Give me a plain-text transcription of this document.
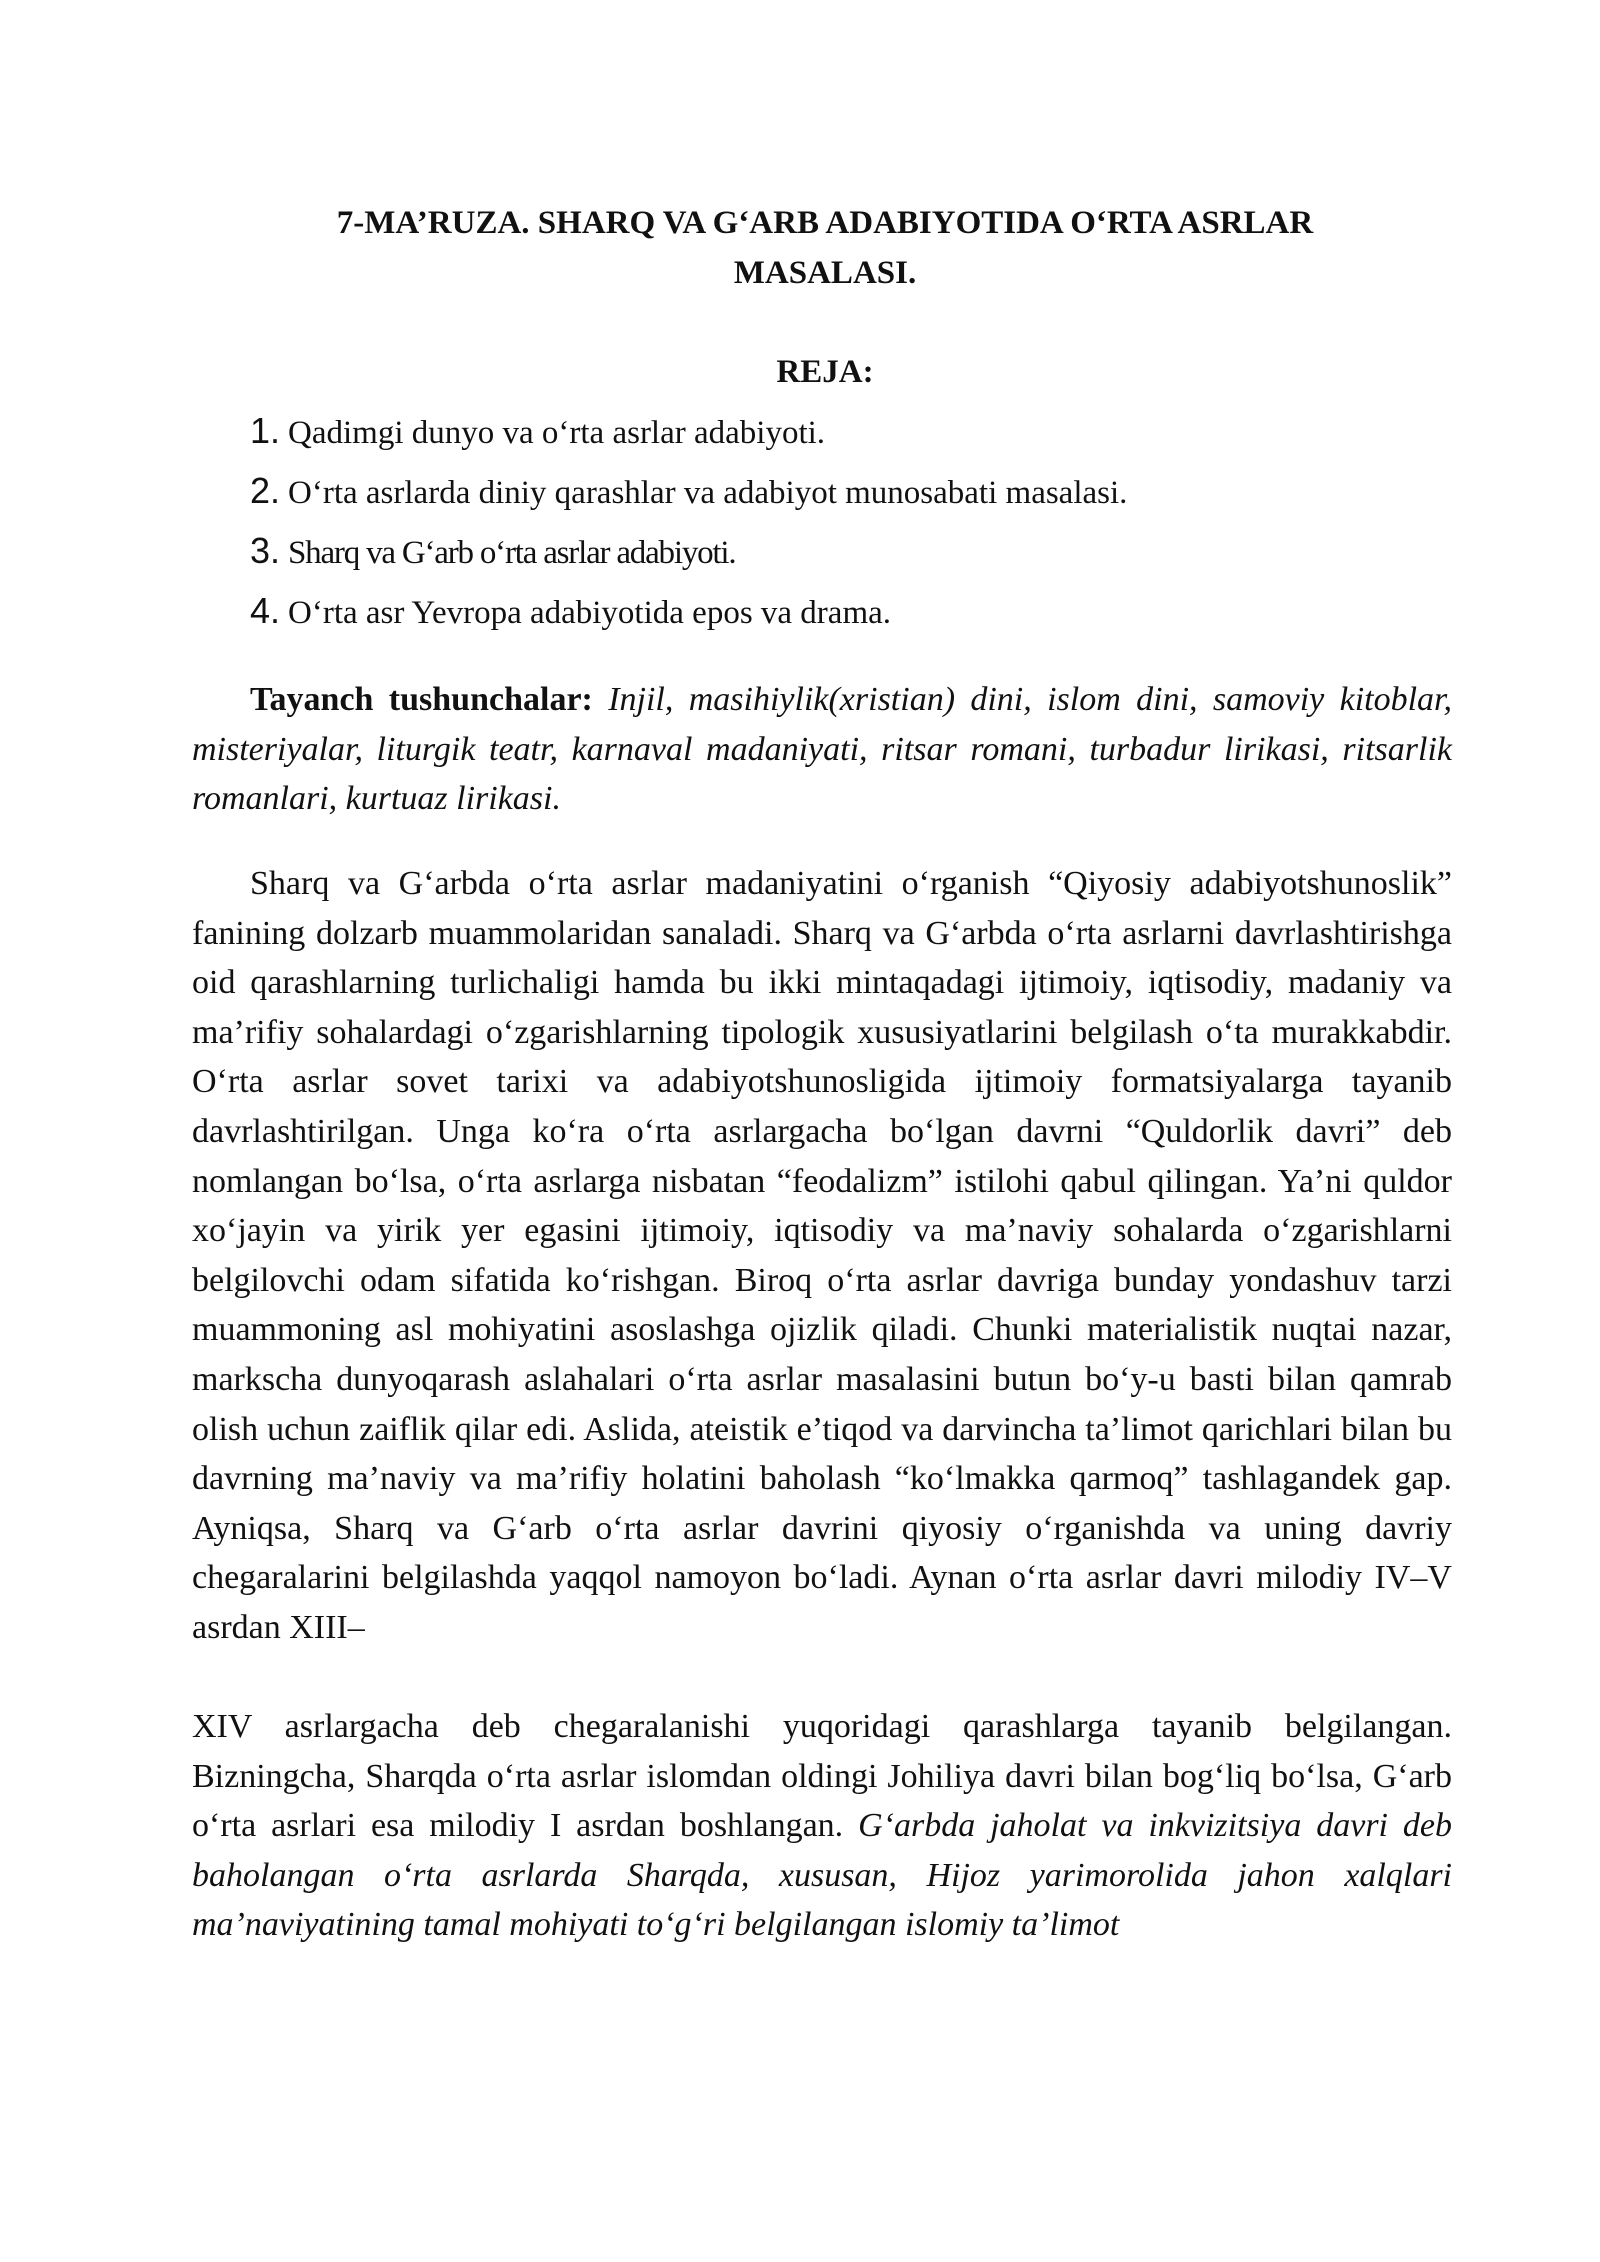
7-MA’RUZA. SHARQ VA G‘ARB ADABIYOTIDA O‘RTA ASRLAR
MASALASI.
REJA:
1. Qadimgi dunyo va o‘rta asrlar adabiyoti.
2. O‘rta asrlarda diniy qarashlar va adabiyot munosabati masalasi.
3. Sharq va G‘arb o‘rta asrlar adabiyoti.
4. O‘rta asr Yevropa adabiyotida epos va drama.

Tayanch tushunchalar: Injil, masihiylik(xristian) dini, islom dini, samoviy kitoblar, misteriyalar, liturgik teatr, karnaval madaniyati, ritsar romani, turbadur lirikasi, ritsarlik romanlari, kurtuaz lirikasi.

Sharq va G‘arbda o‘rta asrlar madaniyatini o‘rganish “Qiyosiy adabiyotshunoslik” fanining dolzarb muammolaridan sanaladi. Sharq va G‘arbda o‘rta asrlarni davrlashtirishga oid qarashlarning turlichaligi hamda bu ikki mintaqadagi ijtimoiy, iqtisodiy, madaniy va ma’rifiy sohalardagi o‘zgarishlarning tipologik xususiyatlarini belgilash o‘ta murakkabdir. O‘rta asrlar sovet tarixi va adabiyotshunosligida ijtimoiy formatsiyalarga tayanib davrlashtirilgan. Unga ko‘ra o‘rta asrlargacha bo‘lgan davrni “Quldorlik davri” deb nomlangan bo‘lsa, o‘rta asrlarga nisbatan “feodalizm” istilohi qabul qilingan. Ya’ni quldor xo‘jayin va yirik yer egasini ijtimoiy, iqtisodiy va ma’naviy sohalarda o‘zgarishlarni belgilovchi odam sifatida ko‘rishgan. Biroq o‘rta asrlar davriga bunday yondashuv tarzi muammoning asl mohiyatini asoslashga ojizlik qiladi. Chunki materialistik nuqtai nazar, markscha dunyoqarash aslahalari o‘rta asrlar masalasini butun bo‘y-u basti bilan qamrab olish uchun zaiflik qilar edi. Aslida, ateistik e’tiqod va darvincha ta’limot qarichlari bilan bu davrning ma’naviy va ma’rifiy holatini baholash “ko‘lmakka qarmoq” tashlagandek gap. Ayniqsa, Sharq va G‘arb o‘rta asrlar davrini qiyosiy o‘rganishda va uning davriy chegaralarini belgilashda yaqqol namoyon bo‘ladi. Aynan o‘rta asrlar davri milodiy IV–V asrdan XIII–

XIV asrlargacha deb chegaralanishi yuqoridagi qarashlarga tayanib belgilangan. Bizningcha, Sharqda o‘rta asrlar islomdan oldingi Johiliya davri bilan bog‘liq bo‘lsa, G‘arb o‘rta asrlari esa milodiy I asrdan boshlangan. G‘arbda jaholat va inkvizitsiya davri deb baholangan o‘rta asrlarda Sharqda, xususan, Hijoz yarimorolida jahon xalqlari ma’naviyatining tamal mohiyati to‘g‘ri belgilangan islomiy ta’limot
